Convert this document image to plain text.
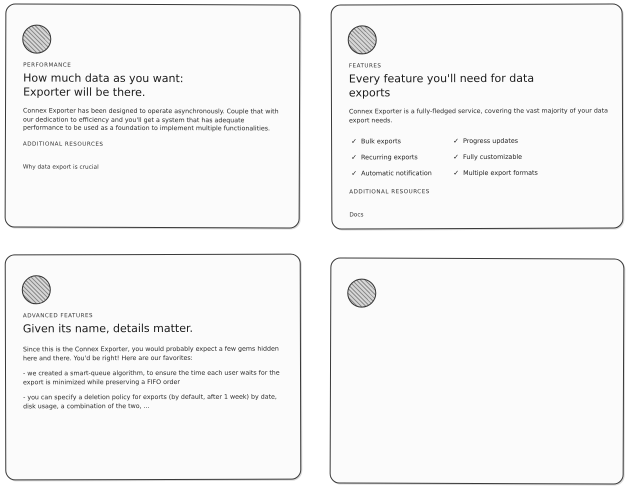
PERFORMANCE
How much data as you want:
Exporter will be there.

Connex Exporter has been designed to operate asynchronously. Couple that with our dedication to efficiency and you'll get a system that has adequate performance to be used as a foundation to implement multiple functionalities.

ADDITIONAL RESOURCES
Why data export is crucial
FEATURES
Every feature you'll need for data
exports

Connex Exporter is a fully-fledged service, covering the vast majority of your data export needs.

✓ Bulk exports	✓ Progress updates
✓ Recurring exports	✓ Fully customizable
✓ Automatic notification	✓ Multiple export formats
ADDITIONAL RESOURCES
Docs
ADVANCED FEATURES
Given its name, details matter.

Since this is the Connex Exporter, you would probably expect a few gems hidden here and there. You'd be right! Here are our favorites:

- we created a smart-queue algorithm, to ensure the time each user waits for the export is minimized while preserving a FIFO order

- you can specify a deletion policy for exports (by default, after 1 week) by date, disk usage, a combination of the two, ...
